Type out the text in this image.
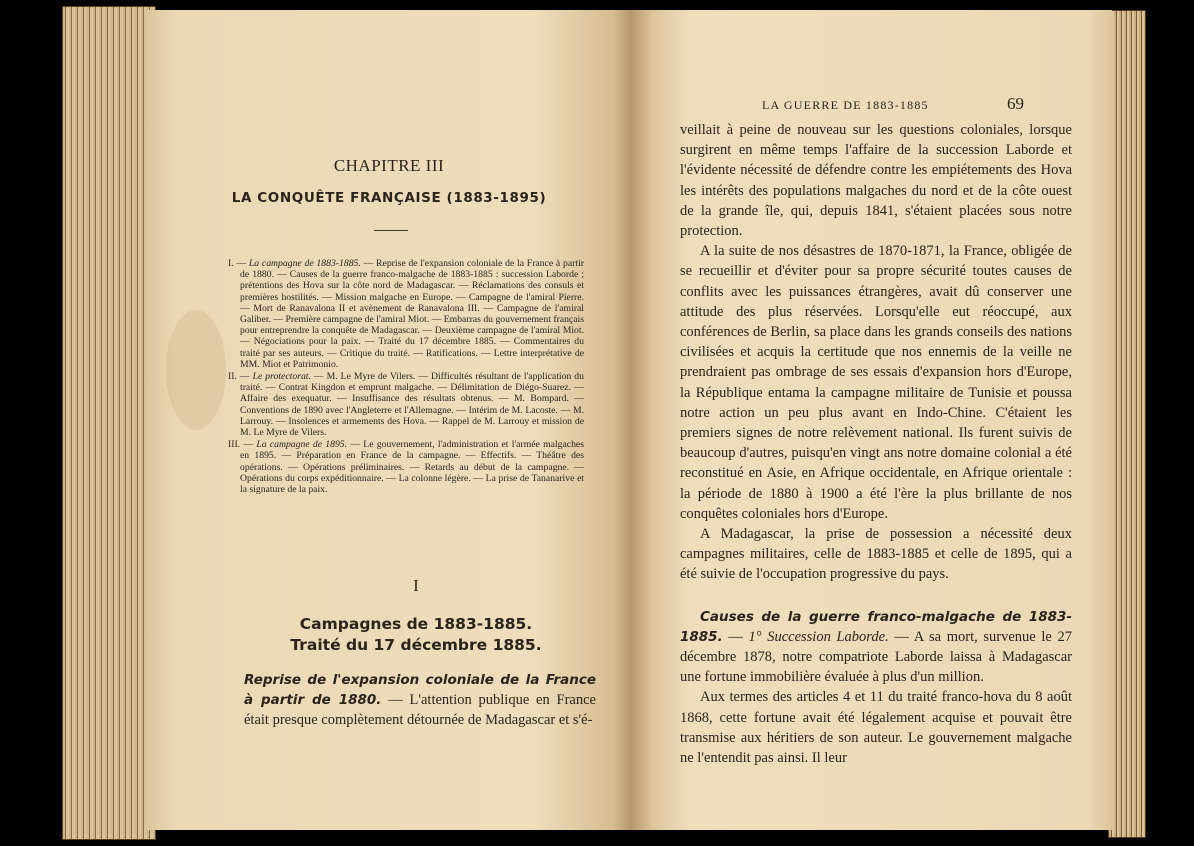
CHAPITRE III
LA CONQUÊTE FRANÇAISE (1883-1895)

I. — La campagne de 1883-1885. — Reprise de l'expansion coloniale de la France à partir de 1880. — Causes de la guerre franco-malgache de 1883-1885 : succession Laborde ; prétentions des Hova sur la côte nord de Madagascar. — Réclamations des consuls et premières hostilités. — Mission malgache en Europe. — Campagne de l'amiral Pierre. — Mort de Ranavalona II et avènement de Ranavalona III. — Campagne de l'amiral Galiber. — Première campagne de l'amiral Miot. — Embarras du gouvernement français pour entreprendre la conquête de Madagascar. — Deuxième campagne de l'amiral Miot. — Négociations pour la paix. — Traité du 17 décembre 1885. — Commentaires du traité par ses auteurs. — Critique du traité. — Ratifications. — Lettre interprétative de MM. Miot et Patrimonio.

II. — Le protectorat. — M. Le Myre de Vilers. — Difficultés résultant de l'application du traité. — Contrat Kingdon et emprunt malgache. — Délimitation de Diégo-Suarez. — Affaire des exequatur. — Insuffisance des résultats obtenus. — M. Bompard. — Conventions de 1890 avec l'Angleterre et l'Allemagne. — Intérim de M. Lacoste. — M. Larrouy. — Insolences et armements des Hova. — Rappel de M. Larrouy et mission de M. Le Myre de Vilers.

III. — La campagne de 1895. — Le gouvernement, l'administration et l'armée malgaches en 1895. — Préparation en France de la campagne. — Effectifs. — Théâtre des opérations. — Opérations préliminaires. — Retards au début de la campagne. — Opérations du corps expéditionnaire. — La colonne légère. — La prise de Tananarive et la signature de la paix.

I
Campagnes de 1883-1885.
Traité du 17 décembre 1885.
Reprise de l'expansion coloniale de la France à partir de 1880. — L'attention publique en France était presque complètement détournée de Madagascar et s'é-
LA GUERRE DE 1883-1885	69

veillait à peine de nouveau sur les questions coloniales, lorsque surgirent en même temps l'affaire de la succession Laborde et l'évidente nécessité de défendre contre les empiétements des Hova les intérêts des populations malgaches du nord et de la côte ouest de la grande île, qui, depuis 1841, s'étaient placées sous notre protection.

A la suite de nos désastres de 1870-1871, la France, obligée de se recueillir et d'éviter pour sa propre sécurité toutes causes de conflits avec les puissances étrangères, avait dû conserver une attitude des plus réservées. Lorsqu'elle eut réoccupé, aux conférences de Berlin, sa place dans les grands conseils des nations civilisées et acquis la certitude que nos ennemis de la veille ne prendraient pas ombrage de ses essais d'expansion hors d'Europe, la République entama la campagne militaire de Tunisie et poussa notre action un peu plus avant en Indo-Chine. C'étaient les premiers signes de notre relèvement national. Ils furent suivis de beaucoup d'autres, puisqu'en vingt ans notre domaine colonial a été reconstitué en Asie, en Afrique occidentale, en Afrique orientale : la période de 1880 à 1900 a été l'ère la plus brillante de nos conquêtes coloniales hors d'Europe.

A Madagascar, la prise de possession a nécessité deux campagnes militaires, celle de 1883-1885 et celle de 1895, qui a été suivie de l'occupation progressive du pays.

Causes de la guerre franco-malgache de 1883-1885. — 1° Succession Laborde. — A sa mort, survenue le 27 décembre 1878, notre compatriote Laborde laissa à Madagascar une fortune immobilière évaluée à plus d'un million.

Aux termes des articles 4 et 11 du traité franco-hova du 8 août 1868, cette fortune avait été légalement acquise et pouvait être transmise aux héritiers de son auteur. Le gouvernement malgache ne l'entendit pas ainsi. Il leur
